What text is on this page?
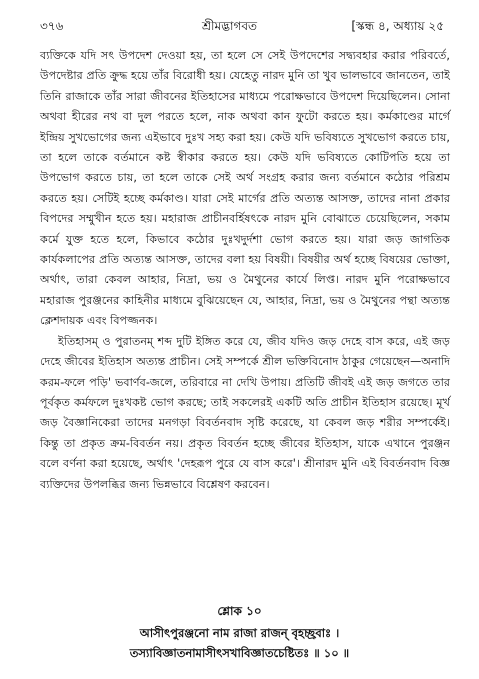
৩৭৬	শ্রীমদ্ভাগবত	[স্কন্ধ ৪, অধ্যায় ২৫

ব্যক্তিকে যদি সৎ উপদেশ দেওয়া হয়, তা হলে সে সেই উপদেশের সদ্ব্যবহার করার পরিবর্তে, উপদেষ্টার প্রতি ক্রুদ্ধ হয়ে তাঁর বিরোধী হয়। যেহেতু নারদ মুনি তা খুব ভালভাবে জানতেন, তাই তিনি রাজাকে তাঁর সারা জীবনের ইতিহাসের মাধ্যমে পরোক্ষভাবে উপদেশ দিয়েছিলেন। সোনা অথবা হীরের নথ বা দুল পরতে হলে, নাক অথবা কান ফুটো করতে হয়। কর্মকাণ্ডের মার্গে ইন্দ্রিয় সুখভোগের জন্য এইভাবে দুঃখ সহ্য করা হয়। কেউ যদি ভবিষ্যতে সুখভোগ করতে চায়, তা হলে তাকে বর্তমানে কষ্ট স্বীকার করতে হয়। কেউ যদি ভবিষ্যতে কোটিপতি হয়ে তা উপভোগ করতে চায়, তা হলে তাকে সেই অর্থ সংগ্রহ করার জন্য বর্তমানে কঠোর পরিশ্রম করতে হয়। সেটিই হচ্ছে কর্মকাণ্ড। যারা সেই মার্গের প্রতি অত্যন্ত আসক্ত, তাদের নানা প্রকার বিপদের সম্মুখীন হতে হয়। মহারাজ প্রাচীনবর্হিষৎকে নারদ মুনি বোঝাতে চেয়েছিলেন, সকাম কর্মে যুক্ত হতে হলে, কিভাবে কঠোর দুঃখদুর্দশা ভোগ করতে হয়। যারা জড় জাগতিক কার্যকলাপের প্রতি অত্যন্ত আসক্ত, তাদের বলা হয় বিষয়ী। বিষয়ীর অর্থ হচ্ছে বিষয়ের ভোক্তা, অর্থাৎ, তারা কেবল আহার, নিদ্রা, ভয় ও মৈথুনের কার্যে লিপ্ত। নারদ মুনি পরোক্ষভাবে মহারাজ পুরঞ্জনের কাহিনীর মাধ্যমে বুঝিয়েছেন যে, আহার, নিদ্রা, ভয় ও মৈথুনের পন্থা অত্যন্ত ক্লেশদায়ক এবং বিপজ্জনক।

ইতিহাসম্ ও পুরাতনম্ শব্দ দুটি ইঙ্গিত করে যে, জীব যদিও জড় দেহে বাস করে, এই জড় দেহে জীবের ইতিহাস অত্যন্ত প্রাচীন। সেই সম্পর্কে শ্রীল ভক্তিবিনোদ ঠাকুর গেয়েছেন—অনাদি করম-ফলে পড়ি' ভবার্ণব-জলে, তরিবারে না দেখি উপায়। প্রতিটি জীবই এই জড় জগতে তার পূর্বকৃত কর্মফলে দুঃখকষ্ট ভোগ করছে; তাই সকলেরই একটি অতি প্রাচীন ইতিহাস রয়েছে। মূর্খ জড় বৈজ্ঞানিকেরা তাদের মনগড়া বিবর্তনবাদ সৃষ্টি করেছে, যা কেবল জড় শরীর সম্পর্কেই। কিন্তু তা প্রকৃত ক্রম-বিবর্তন নয়। প্রকৃত বিবর্তন হচ্ছে জীবের ইতিহাস, যাকে এখানে পুরঞ্জন বলে বর্ণনা করা হয়েছে, অর্থাৎ 'দেহরূপ পুরে যে বাস করে'। শ্রীনারদ মুনি এই বিবর্তনবাদ বিজ্ঞ ব্যক্তিদের উপলব্ধির জন্য ভিন্নভাবে বিশ্লেষণ করবেন।

শ্লোক ১০
আসীৎপুরঞ্জনো নাম রাজা রাজন্ বৃহচ্ছ্রবাঃ ।
তস্যাবিজ্ঞাতনামাসীৎসখাবিজ্ঞাতচেষ্টিতঃ ॥ ১০ ॥
